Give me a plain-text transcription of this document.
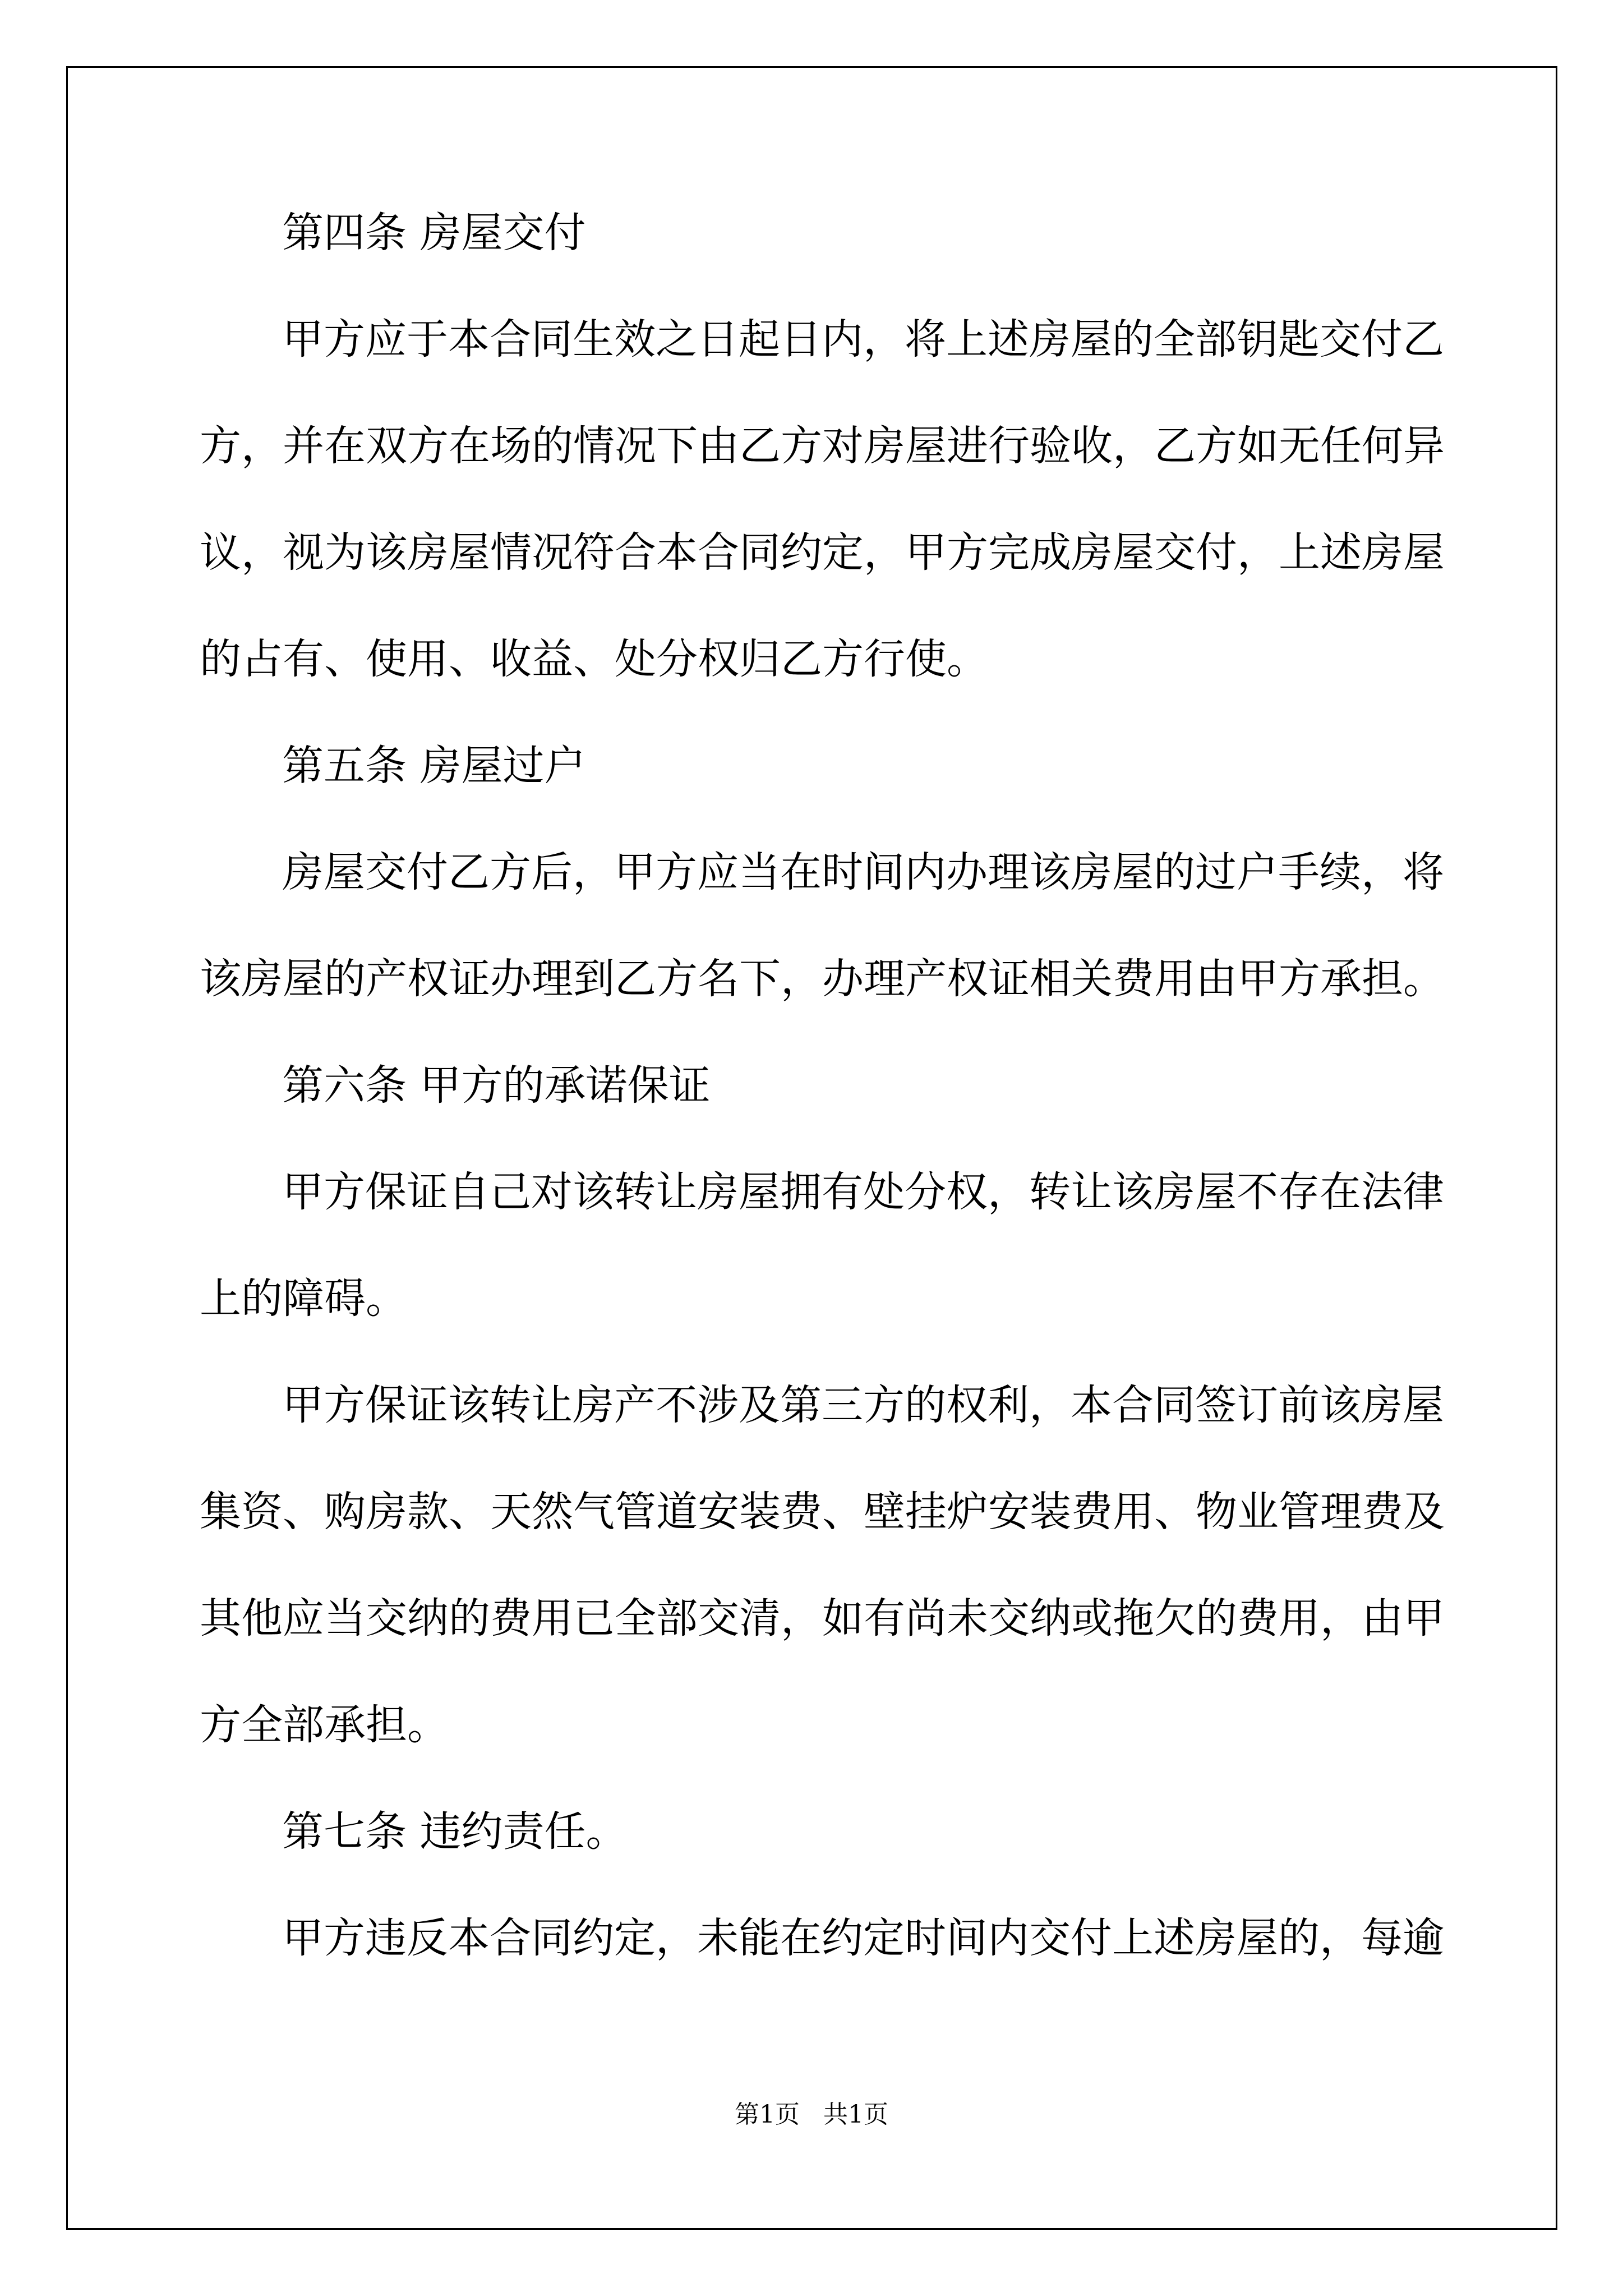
第四条 房屋交付
甲方应于本合同生效之日起日内，将上述房屋的全部钥匙交付乙
方，并在双方在场的情况下由乙方对房屋进行验收，乙方如无任何异
议，视为该房屋情况符合本合同约定，甲方完成房屋交付，上述房屋
的占有、使用、收益、处分权归乙方行使。
第五条 房屋过户
房屋交付乙方后，甲方应当在时间内办理该房屋的过户手续，将
该房屋的产权证办理到乙方名下，办理产权证相关费用由甲方承担。
第六条 甲方的承诺保证
甲方保证自己对该转让房屋拥有处分权，转让该房屋不存在法律
上的障碍。
甲方保证该转让房产不涉及第三方的权利，本合同签订前该房屋
集资、购房款、天然气管道安装费、壁挂炉安装费用、物业管理费及
其他应当交纳的费用已全部交清，如有尚未交纳或拖欠的费用，由甲
方全部承担。
第七条 违约责任。
甲方违反本合同约定，未能在约定时间内交付上述房屋的，每逾
第1页   共1页
